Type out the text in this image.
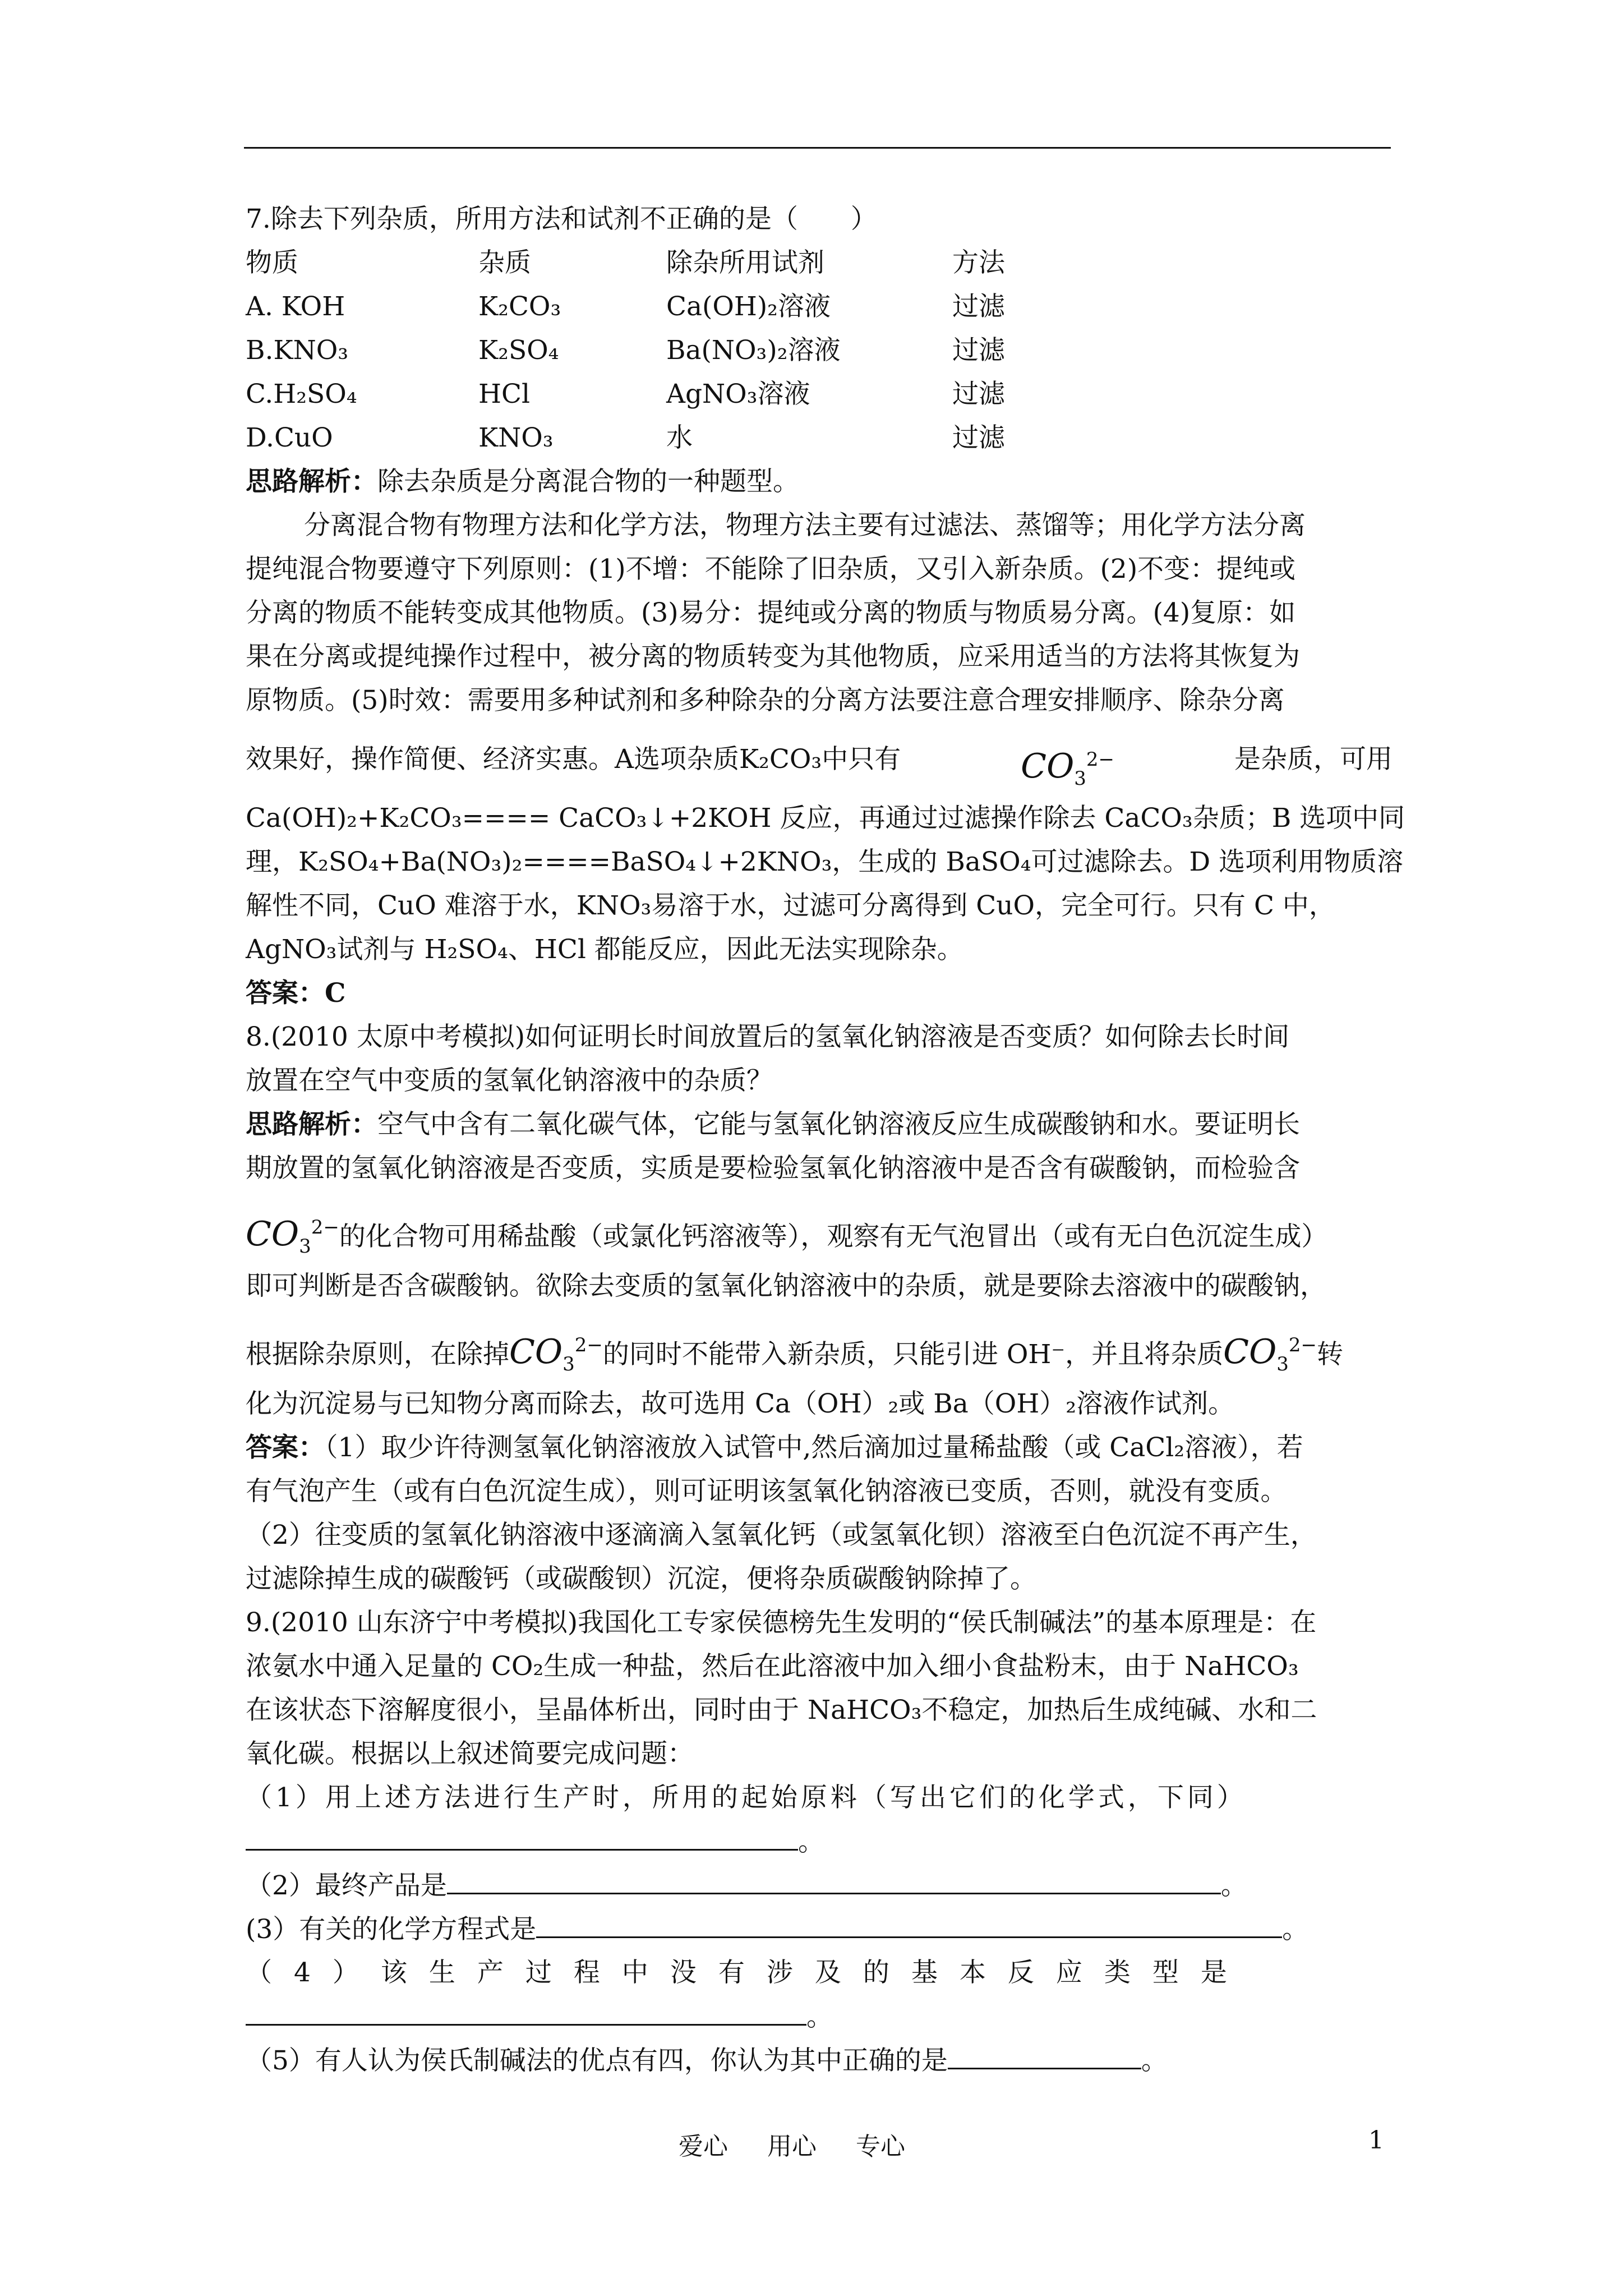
7.除去下列杂质，所用方法和试剂不正确的是（　　）
物质	杂质	除杂所用试剂	方法
A. KOH	K₂CO₃	Ca(OH)₂溶液	过滤
B.KNO₃	K₂SO₄	Ba(NO₃)₂溶液	过滤
C.H₂SO₄	HCl	AgNO₃溶液	过滤
D.CuO	KNO₃	水	过滤
思路解析：除去杂质是分离混合物的一种题型。
分离混合物有物理方法和化学方法，物理方法主要有过滤法、蒸馏等；用化学方法分离
提纯混合物要遵守下列原则：(1)不增：不能除了旧杂质，又引入新杂质。(2)不变：提纯或
分离的物质不能转变成其他物质。(3)易分：提纯或分离的物质与物质易分离。(4)复原：如
果在分离或提纯操作过程中，被分离的物质转变为其他物质，应采用适当的方法将其恢复为
原物质。(5)时效：需要用多种试剂和多种除杂的分离方法要注意合理安排顺序、除杂分离
效果好，操作简便、经济实惠。A选项杂质K₂CO₃中只有	$CO_3^{2-}$	是杂质，可用
Ca(OH)₂+K₂CO₃==== CaCO₃↓+2KOH 反应，再通过过滤操作除去 CaCO₃杂质；B 选项中同
理，K₂SO₄+Ba(NO₃)₂====BaSO₄↓+2KNO₃，生成的 BaSO₄可过滤除去。D 选项利用物质溶
解性不同，CuO 难溶于水，KNO₃易溶于水，过滤可分离得到 CuO，完全可行。只有 C 中，
AgNO₃试剂与 H₂SO₄、HCl 都能反应，因此无法实现除杂。
答案：C
8.(2010 太原中考模拟)如何证明长时间放置后的氢氧化钠溶液是否变质？如何除去长时间
放置在空气中变质的氢氧化钠溶液中的杂质？
思路解析：空气中含有二氧化碳气体，它能与氢氧化钠溶液反应生成碳酸钠和水。要证明长
期放置的氢氧化钠溶液是否变质，实质是要检验氢氧化钠溶液中是否含有碳酸钠，而检验含
$CO_3^{2-}$的化合物可用稀盐酸（或氯化钙溶液等），观察有无气泡冒出（或有无白色沉淀生成）
即可判断是否含碳酸钠。欲除去变质的氢氧化钠溶液中的杂质，就是要除去溶液中的碳酸钠，
根据除杂原则，在除掉$CO_3^{2-}$的同时不能带入新杂质，只能引进 OH⁻，并且将杂质$CO_3^{2-}$转
化为沉淀易与已知物分离而除去，故可选用 Ca（OH）₂或 Ba（OH）₂溶液作试剂。
答案：（1）取少许待测氢氧化钠溶液放入试管中,然后滴加过量稀盐酸（或 CaCl₂溶液），若
有气泡产生（或有白色沉淀生成），则可证明该氢氧化钠溶液已变质，否则，就没有变质。
（2）往变质的氢氧化钠溶液中逐滴滴入氢氧化钙（或氢氧化钡）溶液至白色沉淀不再产生，
过滤除掉生成的碳酸钙（或碳酸钡）沉淀，便将杂质碳酸钠除掉了。
9.(2010 山东济宁中考模拟)我国化工专家侯德榜先生发明的“侯氏制碱法”的基本原理是：在
浓氨水中通入足量的 CO₂生成一种盐，然后在此溶液中加入细小食盐粉末，由于 NaHCO₃
在该状态下溶解度很小，呈晶体析出，同时由于 NaHCO₃不稳定，加热后生成纯碱、水和二
氧化碳。根据以上叙述简要完成问题：
（1）用上述方法进行生产时，所用的起始原料（写出它们的化学式，下同）
。
（2）最终产品是	。
(3）有关的化学方程式是	。
（4）该生产过程中没有涉及的基本反应类型是
。
（5）有人认为侯氏制碱法的优点有四，你认为其中正确的是	。
爱心 用心 专心	1
